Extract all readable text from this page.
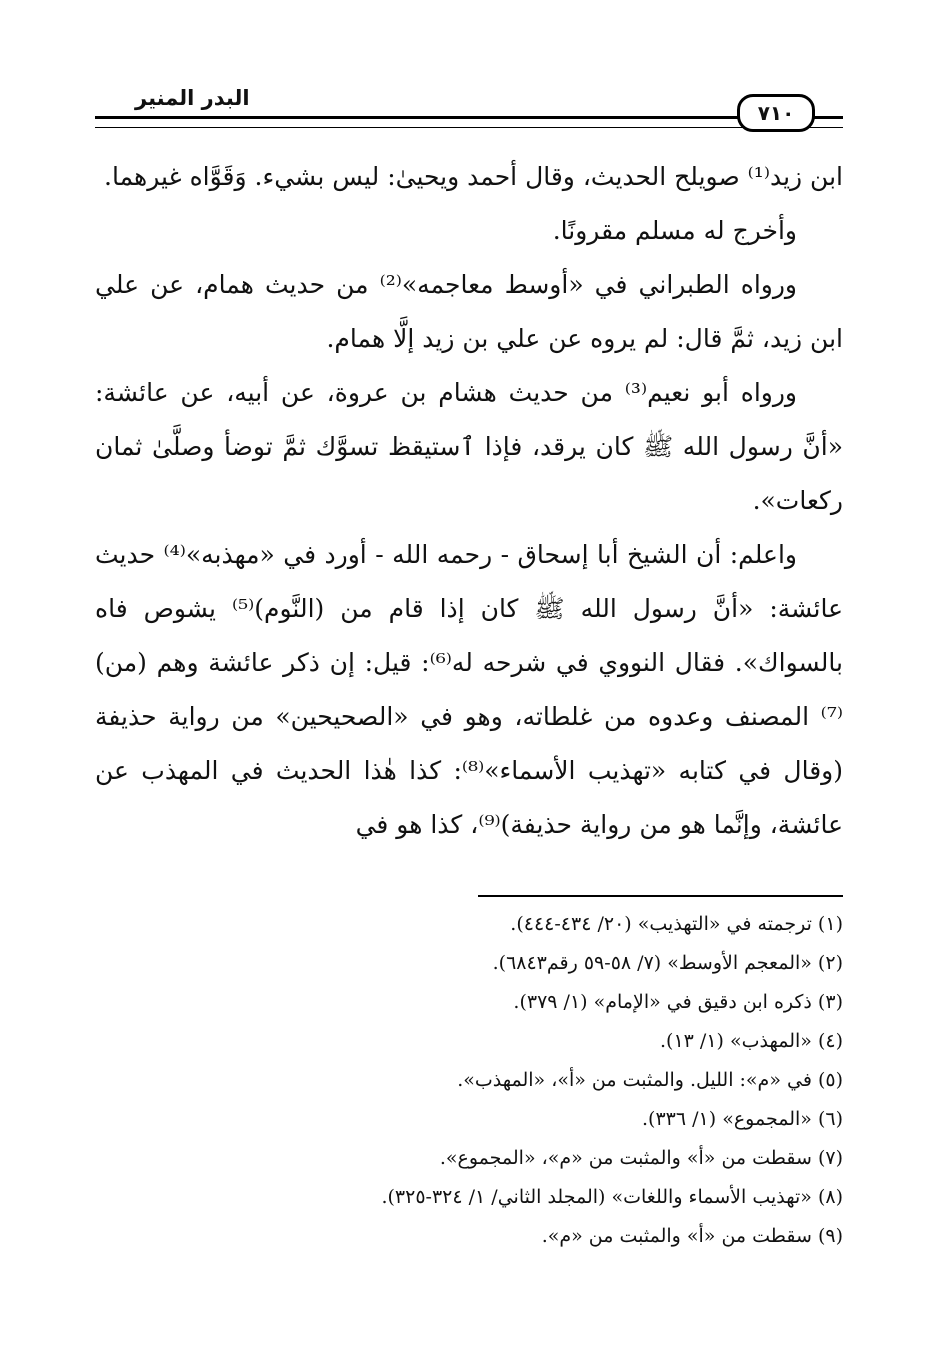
البدر المنير
٧١٠

ابن زيد⁽¹⁾ صويلح الحديث، وقال أحمد ويحيىٰ: ليس بشيء. وَقَوَّاه غيرهما.

وأخرج له مسلم مقرونًا.

ورواه الطبراني في «أوسط معاجمه»⁽²⁾ من حديث همام، عن علي ابن زيد، ثمَّ قال: لم يروه عن علي بن زيد إلَّا همام.

ورواه أبو نعيم⁽³⁾ من حديث هشام بن عروة، عن أبيه، عن عائشة: «أنَّ رسول الله ﷺ كان يرقد، فإذا ٱستيقظ تسوَّك ثمَّ توضأ وصلَّىٰ ثمان ركعات».

واعلم: أن الشيخ أبا إسحاق - رحمه الله - أورد في «مهذبه»⁽⁴⁾ حديث عائشة: «أنَّ رسول الله ﷺ كان إذا قام من (النَّوم)⁽⁵⁾ يشوص فاه بالسواك». فقال النووي في شرحه له⁽⁶⁾: قيل: إن ذكر عائشة وهم (من)⁽⁷⁾ المصنف وعدوه من غلطاته، وهو في «الصحيحين» من رواية حذيفة (وقال في كتابه «تهذيب الأسماء»⁽⁸⁾: كذا هٰذا الحديث في المهذب عن عائشة، وإنَّما هو من رواية حذيفة)⁽⁹⁾، كذا هو في

(١) ترجمته في «التهذيب» (٢٠/ ٤٣٤-٤٤٤).
(٢) «المعجم الأوسط» (٧/ ٥٨-٥٩ رقم٦٨٤٣).
(٣) ذكره ابن دقيق في «الإمام» (١/ ٣٧٩).
(٤) «المهذب» (١/ ١٣).
(٥) في «م»: الليل. والمثبت من «أ»، «المهذب».
(٦) «المجموع» (١/ ٣٣٦).
(٧) سقطت من «أ» والمثبت من «م»، «المجموع».
(٨) «تهذيب الأسماء واللغات» (المجلد الثاني/ ١/ ٣٢٤-٣٢٥).
(٩) سقطت من «أ» والمثبت من «م».
